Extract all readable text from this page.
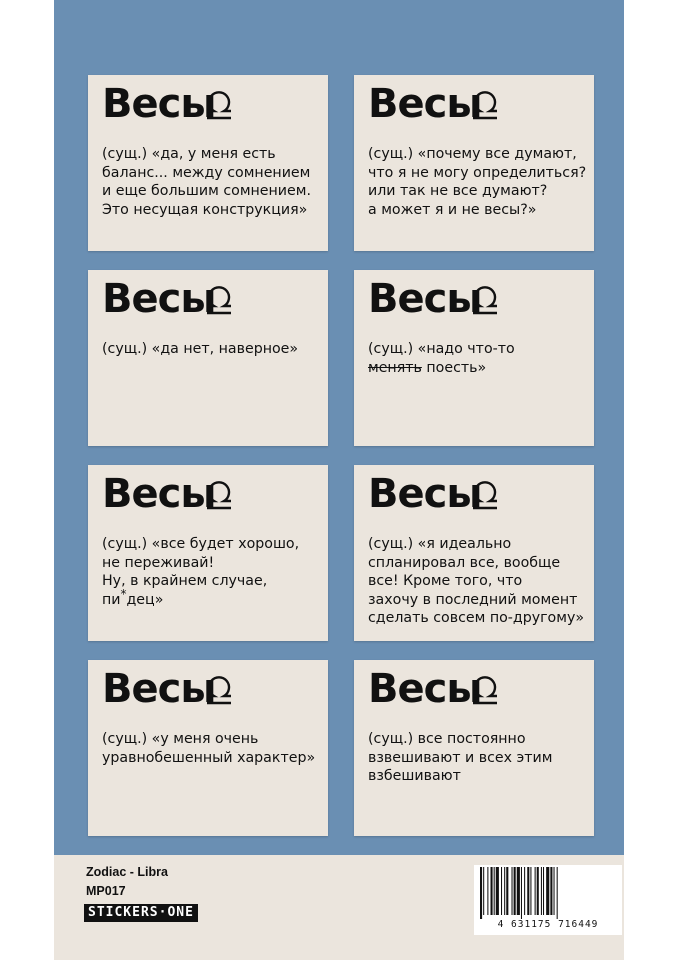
Весы
(сущ.) «да, у меня есть
баланс... между сомнением
и еще большим сомнением.
Это несущая конструкция»
Весы
(сущ.) «почему все думают,
что я не могу определиться?
или так не все думают?
а может я и не весы?»
Весы
(сущ.) «да нет, наверное»
Весы
(сущ.) «надо что-то
менять поесть»
Весы
(сущ.) «все будет хорошо,
не переживай!
Ну, в крайнем случае,
пи*дец»
Весы
(сущ.) «я идеально
спланировал все, вообще
все! Кроме того, что
захочу в последний момент
сделать совсем по-другому»
Весы
(сущ.) «у меня очень
уравнобешенный характер»
Весы
(сущ.) все постоянно
взвешивают и всех этим
взбешивают
Zodiac - Libra
MP017
STICKERS·ONE
4 631175 716449
